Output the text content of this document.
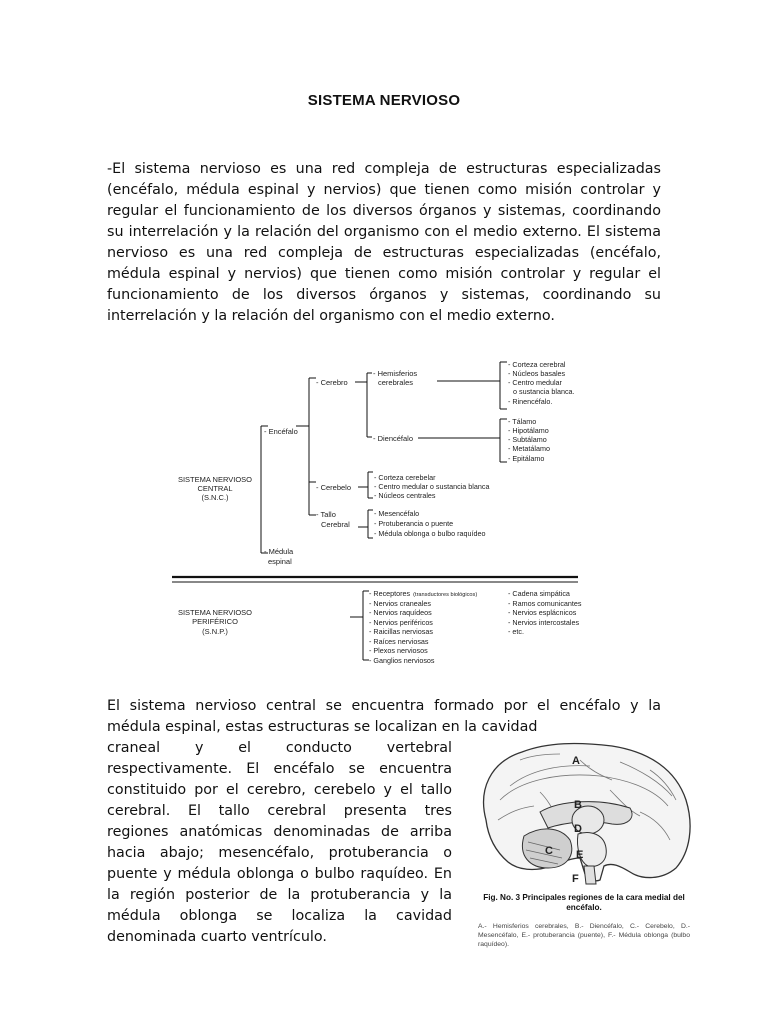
SISTEMA NERVIOSO

-El sistema nervioso es una red compleja de estructuras especializadas (encéfalo, médula espinal y nervios) que tienen como misión controlar y regular el funcionamiento de los diversos órganos y sistemas, coordinando su interrelación y la relación del organismo con el medio externo. El sistema nervioso es una red compleja de estructuras especializadas (encéfalo, médula espinal y nervios) que tienen como misión controlar y regular el funcionamiento de los diversos órganos y sistemas, coordinando su interrelación y la relación del organismo con el medio externo.

SISTEMA NERVIOSO
CENTRAL
(S.N.C.)
- Encéfalo
- Médula
espinal
- Cerebro
- Hemisferios
cerebrales
- Corteza cerebral
- Núcleos basales
- Centro medular
o sustancia blanca.
- Rinencéfalo.
- Diencéfalo
- Tálamo
- Hipotálamo
- Subtálamo
- Metatálamo
- Epitálamo
- Cerebelo
- Corteza cerebelar
- Centro medular o sustancia blanca
- Núcleos centrales
- Tallo
Cerebral
- Mesencéfalo
- Protuberancia o puente
- Médula oblonga o bulbo raquídeo
SISTEMA NERVIOSO
PERIFÉRICO
(S.N.P.)
- Receptores (transductores biológicos)
- Nervios craneales
- Nervios raquídeos
- Nervios periféricos
- Raicillas nerviosas
- Raíces nerviosas
- Plexos nerviosos
- Ganglios nerviosos
- Cadena simpática
- Ramos comunicantes
- Nervios esplácnicos
- Nervios intercostales
- etc.
A
B
C
D
E
F

El sistema nervioso central se encuentra formado por el encéfalo y la médula espinal, estas estructuras se localizan en la cavidad

craneal y el conducto vertebral respectivamente. El encéfalo se encuentra constituido por el cerebro, cerebelo y el tallo cerebral. El tallo cerebral presenta tres regiones anatómicas denominadas de arriba hacia abajo; mesencéfalo, protuberancia o puente y médula oblonga o bulbo raquídeo. En la región posterior de la protuberancia y la médula oblonga se localiza la cavidad denominada cuarto ventrículo.

Fig. No. 3 Principales regiones de la cara medial del encéfalo.
A.- Hemisferios cerebrales, B.- Diencéfalo, C.- Cerebelo, D.- Mesencéfalo, E.- protuberancia (puente), F.- Médula oblonga (bulbo raquídeo).
